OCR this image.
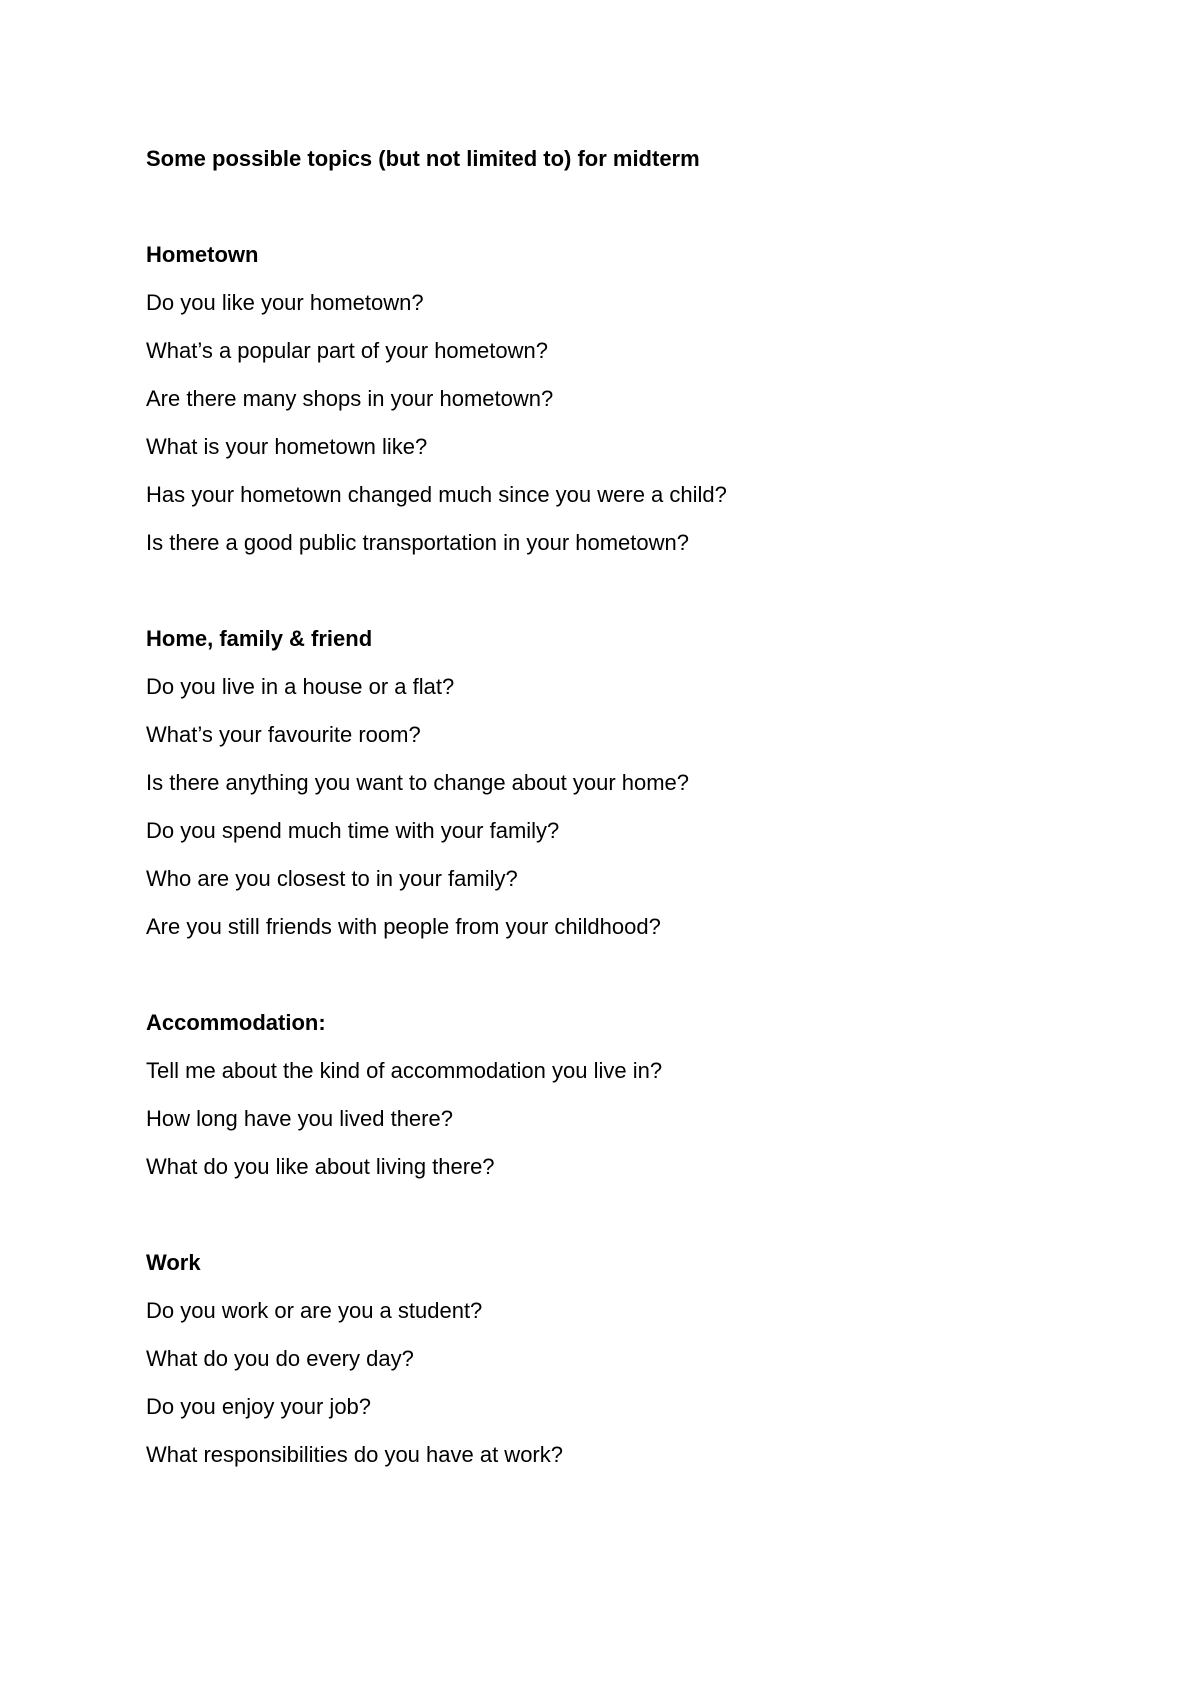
Some possible topics (but not limited to) for midterm
Hometown
Do you like your hometown?
What’s a popular part of your hometown?
Are there many shops in your hometown?
What is your hometown like?
Has your hometown changed much since you were a child?
Is there a good public transportation in your hometown?
Home, family & friend
Do you live in a house or a flat?
What’s your favourite room?
Is there anything you want to change about your home?
Do you spend much time with your family?
Who are you closest to in your family?
Are you still friends with people from your childhood?
Accommodation:
Tell me about the kind of accommodation you live in?
How long have you lived there?
What do you like about living there?
Work
Do you work or are you a student?
What do you do every day?
Do you enjoy your job?
What responsibilities do you have at work?
